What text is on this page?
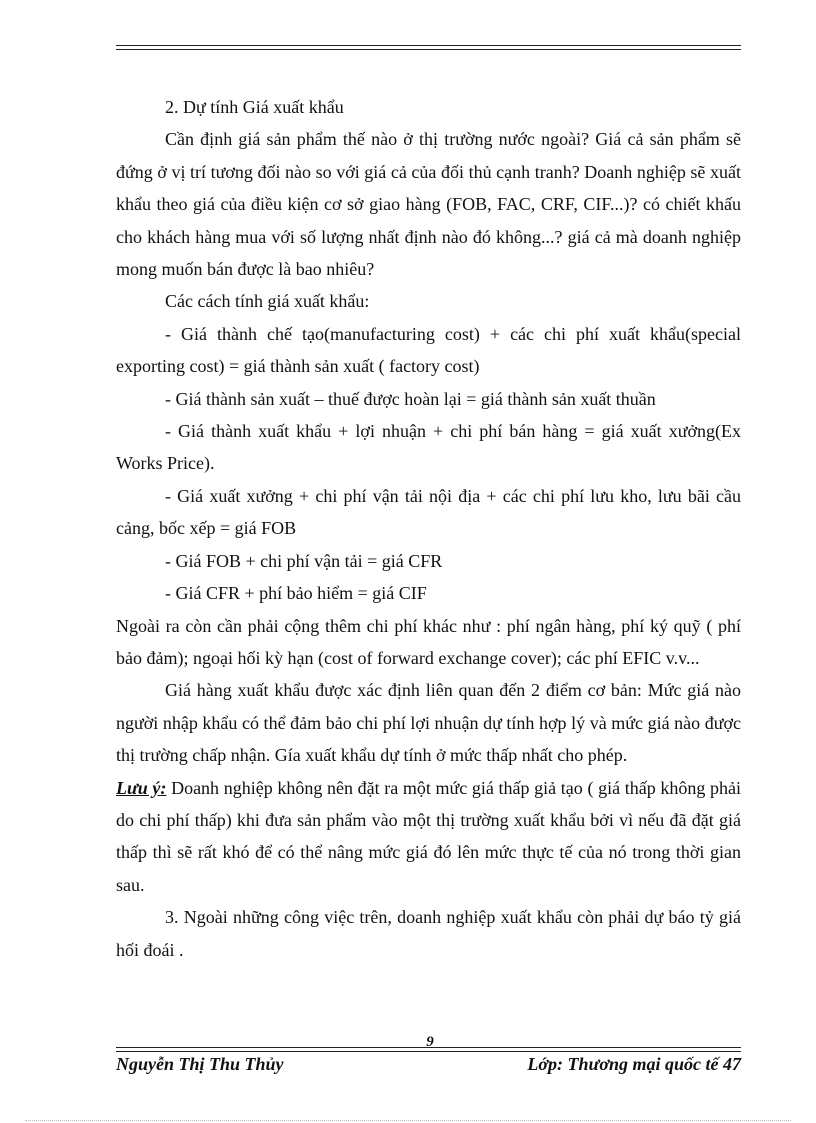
2. Dự tính Giá xuất khẩu

Cần định giá sản phẩm thế nào ở thị trường nước ngoài? Giá cả sản phẩm sẽ đứng ở vị trí tương đối nào so với giá cả của đối thủ cạnh tranh? Doanh nghiệp sẽ xuất khẩu theo giá của điều kiện cơ sở giao hàng (FOB, FAC, CRF, CIF...)? có chiết khấu cho khách hàng mua với số lượng nhất định nào đó không...? giá cả mà doanh nghiệp mong muốn bán được là bao nhiêu?

Các cách tính giá xuất khẩu:

- Giá thành chế tạo(manufacturing cost) + các chi phí xuất khẩu(special exporting cost) = giá thành sản xuất ( factory cost)

- Giá thành sản xuất – thuế được hoàn lại = giá thành sản xuất thuần

- Giá thành xuất khẩu + lợi nhuận + chi phí bán hàng = giá xuất xưởng(Ex Works Price).

- Giá xuất xưởng + chi phí vận tải nội địa + các chi phí lưu kho, lưu bãi cầu cảng, bốc xếp = giá FOB

- Giá FOB + chi phí vận tải = giá CFR

- Giá CFR + phí bảo hiểm = giá CIF

Ngoài ra còn cần phải cộng thêm chi phí khác như : phí ngân hàng, phí ký quỹ ( phí bảo đảm); ngoại hối kỳ hạn (cost of forward exchange cover); các phí EFIC v.v...

Giá hàng xuất khẩu được xác định liên quan đến 2 điểm cơ bản: Mức giá nào người nhập khẩu có thể đảm bảo chi phí lợi nhuận dự tính hợp lý và mức giá nào được thị trường chấp nhận. Gía xuất khẩu dự tính ở mức thấp nhất cho phép.

Lưu ý: Doanh nghiệp không nên đặt ra một mức giá thấp giả tạo ( giá thấp không phải do chi phí thấp) khi đưa sản phẩm vào một thị trường xuất khẩu bởi vì nếu đã đặt giá thấp thì sẽ rất khó để có thể nâng mức giá đó lên mức thực tế của nó trong thời gian sau.

3. Ngoài những công việc trên, doanh nghiệp xuất khẩu còn phải dự báo tỷ giá hối đoái .

9
Nguyễn Thị Thu Thủy	Lớp: Thương mại quốc tế 47
